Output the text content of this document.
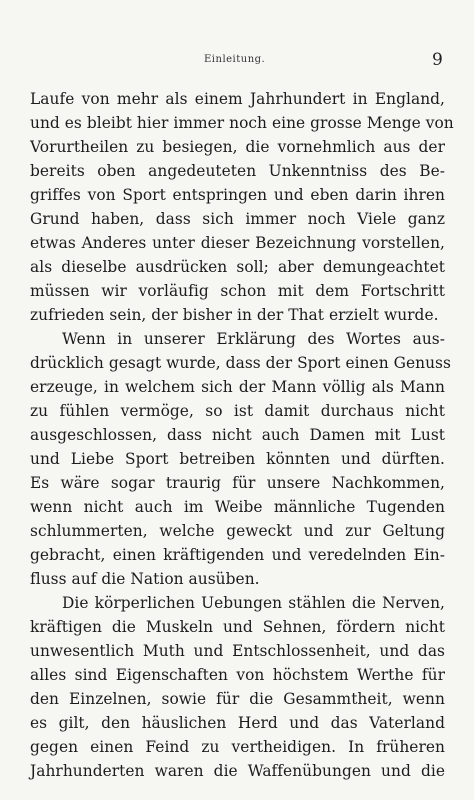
Einleitung.	9
Laufe von mehr als einem Jahrhundert in England,
und es bleibt hier immer noch eine grosse Menge von
Vorurtheilen zu besiegen, die vornehmlich aus der
bereits oben angedeuteten Unkenntniss des Be-
griffes von Sport entspringen und eben darin ihren
Grund haben, dass sich immer noch Viele ganz
etwas Anderes unter dieser Bezeichnung vorstellen,
als dieselbe ausdrücken soll; aber demungeachtet
müssen wir vorläufig schon mit dem Fortschritt
zufrieden sein, der bisher in der That erzielt wurde.
Wenn in unserer Erklärung des Wortes aus-
drücklich gesagt wurde, dass der Sport einen Genuss
erzeuge, in welchem sich der Mann völlig als Mann
zu fühlen vermöge, so ist damit durchaus nicht
ausgeschlossen, dass nicht auch Damen mit Lust
und Liebe Sport betreiben könnten und dürften.
Es wäre sogar traurig für unsere Nachkommen,
wenn nicht auch im Weibe männliche Tugenden
schlummerten, welche geweckt und zur Geltung
gebracht, einen kräftigenden und veredelnden Ein-
fluss auf die Nation ausüben.
Die körperlichen Uebungen stählen die Nerven,
kräftigen die Muskeln und Sehnen, fördern nicht
unwesentlich Muth und Entschlossenheit, und das
alles sind Eigenschaften von höchstem Werthe für
den Einzelnen, sowie für die Gesammtheit, wenn
es gilt, den häuslichen Herd und das Vaterland
gegen einen Feind zu vertheidigen. In früheren
Jahrhunderten waren die Waffenübungen und die
